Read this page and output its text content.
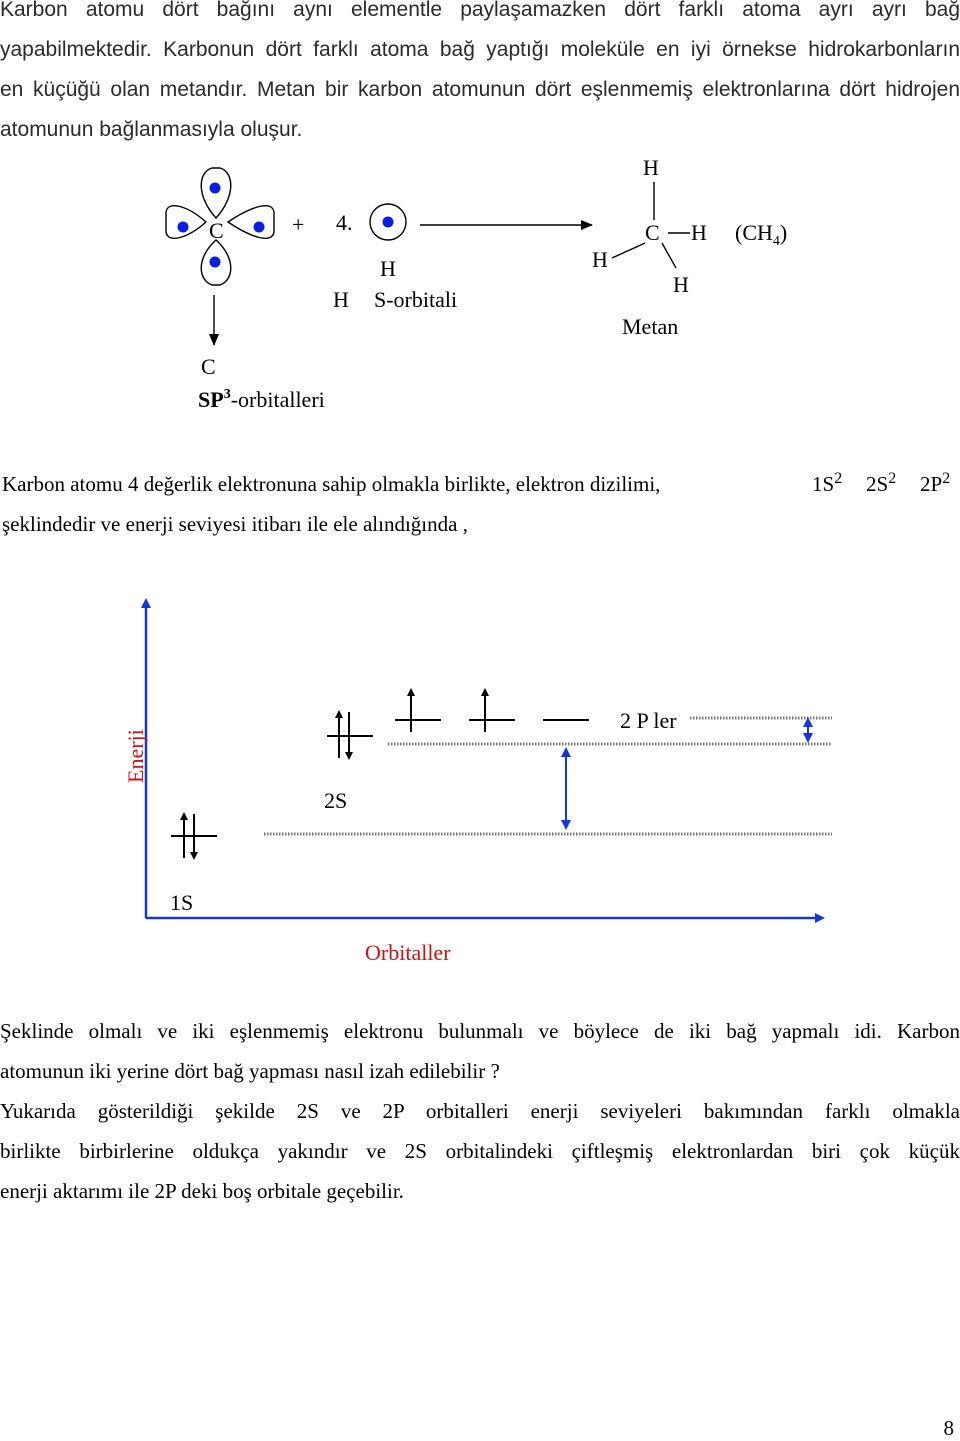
Karbon atomu dört bağını aynı elementle paylaşamazken dört farklı atoma ayrı ayrı bağ
yapabilmektedir. Karbonun dört farklı atoma bağ yaptığı moleküle en iyi örnekse hidrokarbonların
en küçüğü olan metandır. Metan bir karbon atomunun dört eşlenmemiş elektronlarına dört hidrojen
atomunun bağlanmasıyla oluşur.
C	+ 4.
H
H S-orbitali
C
$SP^3$-orbitalleri
H
C H
H
H
$(CH_4)$
Metan
Karbon atomu 4 değerlik elektronuna sahip olmakla birlikte, elektron dizilimi,	$1S^2$ $2S^2$ $2P^2$
şeklindedir ve enerji seviyesi itibarı ile ele alındığında ,
Enerji
Orbitaller
1S
2S
2 P ler
Şeklinde olmalı ve iki eşlenmemiş elektronu bulunmalı ve böylece de iki bağ yapmalı idi. Karbon
atomunun iki yerine dört bağ yapması nasıl izah edilebilir ?
Yukarıda gösterildiği şekilde 2S ve 2P orbitalleri enerji seviyeleri bakımından farklı olmakla
birlikte birbirlerine oldukça yakındır ve 2S orbitalindeki çiftleşmiş elektronlardan biri çok küçük
enerji aktarımı ile 2P deki boş orbitale geçebilir.
8
